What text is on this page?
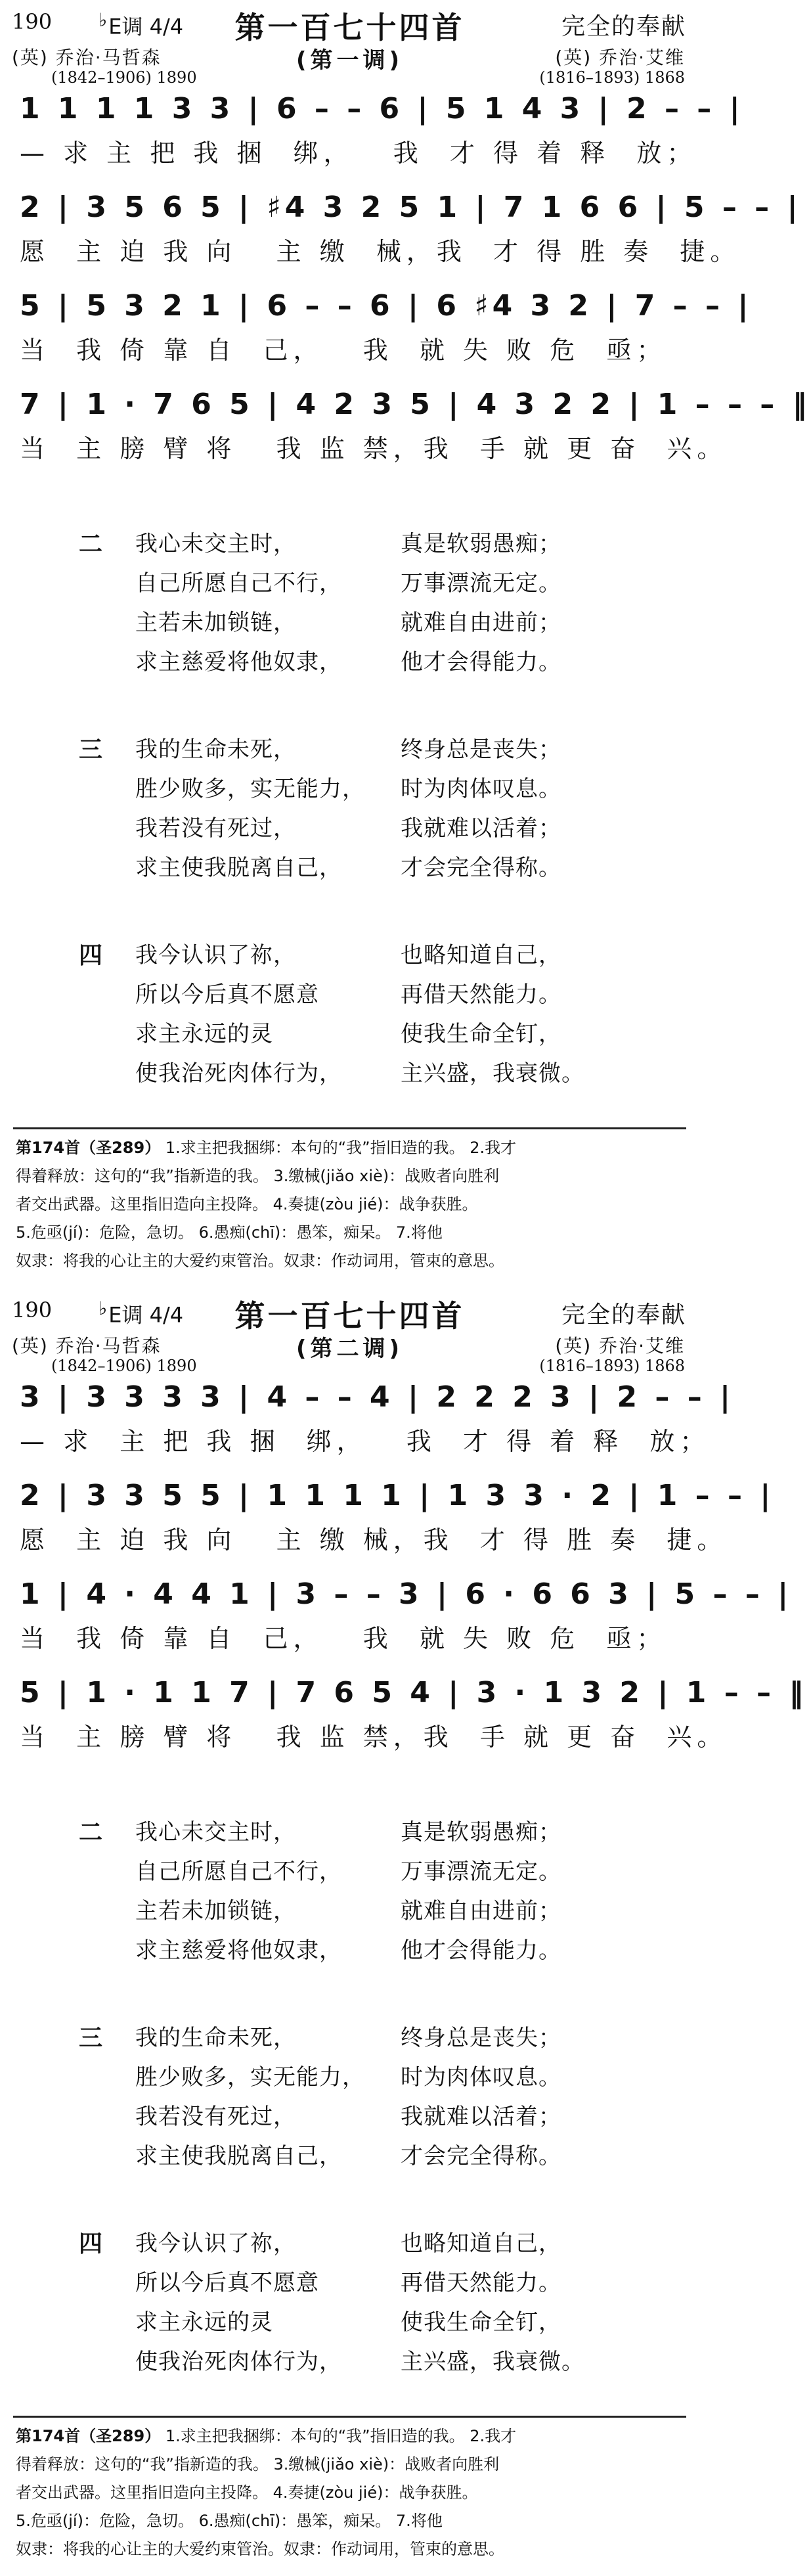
190	♭E调 4/4	第一百七十四首
(第一调)
完全的奉献
(英) 乔治·马哲森
(1842–1906) 1890
(英) 乔治·艾维
(1816–1893) 1868
1 1 1 1 3 3 | 6 – – 6 | 5 1 4 3 | 2 – – |
— 求 主 把 我 捆  绑，   我  才 得 着 释  放；
2 | 3 5 6 5 | ♯4 3 2 5 1 | 7 1 6 6 | 5 – – |
愿  主 迫 我 向   主 缴  械，我  才 得 胜 奏  捷。
5 | 5 3 2 1 | 6 – – 6 | 6 ♯4 3 2 | 7 – – |
当  我 倚 靠 自  己，   我  就 失 败 危  亟；
7 | 1 · 7 6 5 | 4 2 3 5 | 4 3 2 2 | 1 – – – ‖
当  主 膀 臂 将   我 监 禁，我  手 就 更 奋  兴。
二 我心未交主时，	真是软弱愚痴；
自己所愿自己不行，	万事漂流无定。
主若未加锁链，	就难自由进前；
求主慈爱将他奴隶，	他才会得能力。
三 我的生命未死，	终身总是丧失；
胜少败多，实无能力， 时为肉体叹息。
我若没有死过，	我就难以活着；
求主使我脱离自己，	才会完全得称。
四 我今认识了祢，	也略知道自己，
所以今后真不愿意	再借天然能力。
求主永远的灵	使我生命全钉，
使我治死肉体行为，	主兴盛，我衰微。
第174首（圣289） 1.求主把我捆绑：本句的“我”指旧造的我。 2.我才
得着释放：这句的“我”指新造的我。 3.缴械(jiǎo xiè)：战败者向胜利
者交出武器。这里指旧造向主投降。 4.奏捷(zòu jié)：战争获胜。
5.危亟(jí)：危险，急切。 6.愚痴(chī)：愚笨，痴呆。 7.将他
奴隶：将我的心让主的大爱约束管治。奴隶：作动词用，管束的意思。
190	♭E调 4/4	第一百七十四首
(第二调)
完全的奉献
(英) 乔治·马哲森
(1842–1906) 1890
(英) 乔治·艾维
(1816–1893) 1868
3 | 3 3 3 3 | 4 – – 4 | 2 2 2 3 | 2 – – |
— 求  主 把 我 捆  绑，   我  才 得 着 释  放；
2 | 3 3 5 5 | 1 1 1 1 | 1 3 3 · 2 | 1 – – |
愿  主 迫 我 向   主 缴 械，我  才 得 胜 奏  捷。
1 | 4 · 4 4 1 | 3 – – 3 | 6 · 6 6 3 | 5 – – |
当  我 倚 靠 自  己，   我  就 失 败 危  亟；
5 | 1 · 1 1 7 | 7 6 5 4 | 3 · 1 3 2 | 1 – – ‖
当  主 膀 臂 将   我 监 禁，我  手 就 更 奋  兴。
二 我心未交主时，	真是软弱愚痴；
自己所愿自己不行，	万事漂流无定。
主若未加锁链，	就难自由进前；
求主慈爱将他奴隶，	他才会得能力。
三 我的生命未死，	终身总是丧失；
胜少败多，实无能力， 时为肉体叹息。
我若没有死过，	我就难以活着；
求主使我脱离自己，	才会完全得称。
四 我今认识了祢，	也略知道自己，
所以今后真不愿意	再借天然能力。
求主永远的灵	使我生命全钉，
使我治死肉体行为，	主兴盛，我衰微。
第174首（圣289） 1.求主把我捆绑：本句的“我”指旧造的我。 2.我才
得着释放：这句的“我”指新造的我。 3.缴械(jiǎo xiè)：战败者向胜利
者交出武器。这里指旧造向主投降。 4.奏捷(zòu jié)：战争获胜。
5.危亟(jí)：危险，急切。 6.愚痴(chī)：愚笨，痴呆。 7.将他
奴隶：将我的心让主的大爱约束管治。奴隶：作动词用，管束的意思。
